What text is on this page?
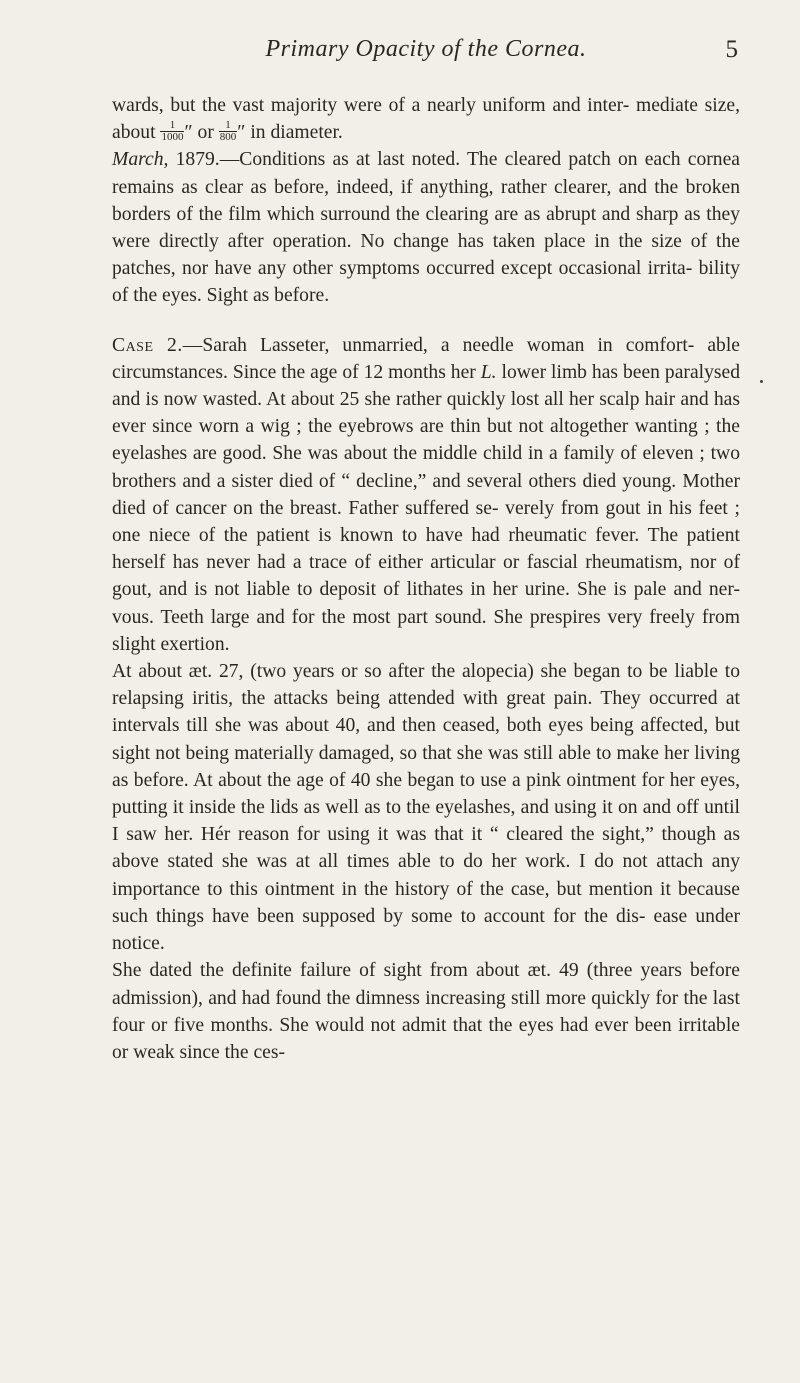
Primary Opacity of the Cornea.	5

wards, but the vast majority were of a nearly uniform and inter- mediate size, about $\frac{1}{1000}$ ″ or $\frac{1}{800}$ ″ in diameter.

March, 1879.—Conditions as at last noted. The cleared patch on each cornea remains as clear as before, indeed, if anything, rather clearer, and the broken borders of the film which surround the clearing are as abrupt and sharp as they were directly after operation. No change has taken place in the size of the patches, nor have any other symptoms occurred except occasional irrita- bility of the eyes. Sight as before.

Case 2.—Sarah Lasseter, unmarried, a needle woman in comfort- able circumstances. Since the age of 12 months her L. lower limb has been paralysed and is now wasted. At about 25 she rather quickly lost all her scalp hair and has ever since worn a wig ; the eyebrows are thin but not altogether wanting ; the eyelashes are good. She was about the middle child in a family of eleven ; two brothers and a sister died of “ decline,” and several others died young. Mother died of cancer on the breast. Father suffered se- verely from gout in his feet ; one niece of the patient is known to have had rheumatic fever. The patient herself has never had a trace of either articular or fascial rheumatism, nor of gout, and is not liable to deposit of lithates in her urine. She is pale and ner- vous. Teeth large and for the most part sound. She prespires very freely from slight exertion.

At about æt. 27, (two years or so after the alopecia) she began to be liable to relapsing iritis, the attacks being attended with great pain. They occurred at intervals till she was about 40, and then ceased, both eyes being affected, but sight not being materially damaged, so that she was still able to make her living as before. At about the age of 40 she began to use a pink ointment for her eyes, putting it inside the lids as well as to the eyelashes, and using it on and off until I saw her. Hér reason for using it was that it “ cleared the sight,” though as above stated she was at all times able to do her work. I do not attach any importance to this ointment in the history of the case, but mention it because such things have been supposed by some to account for the dis- ease under notice.

She dated the definite failure of sight from about æt. 49 (three years before admission), and had found the dimness increasing still more quickly for the last four or five months. She would not admit that the eyes had ever been irritable or weak since the ces-
